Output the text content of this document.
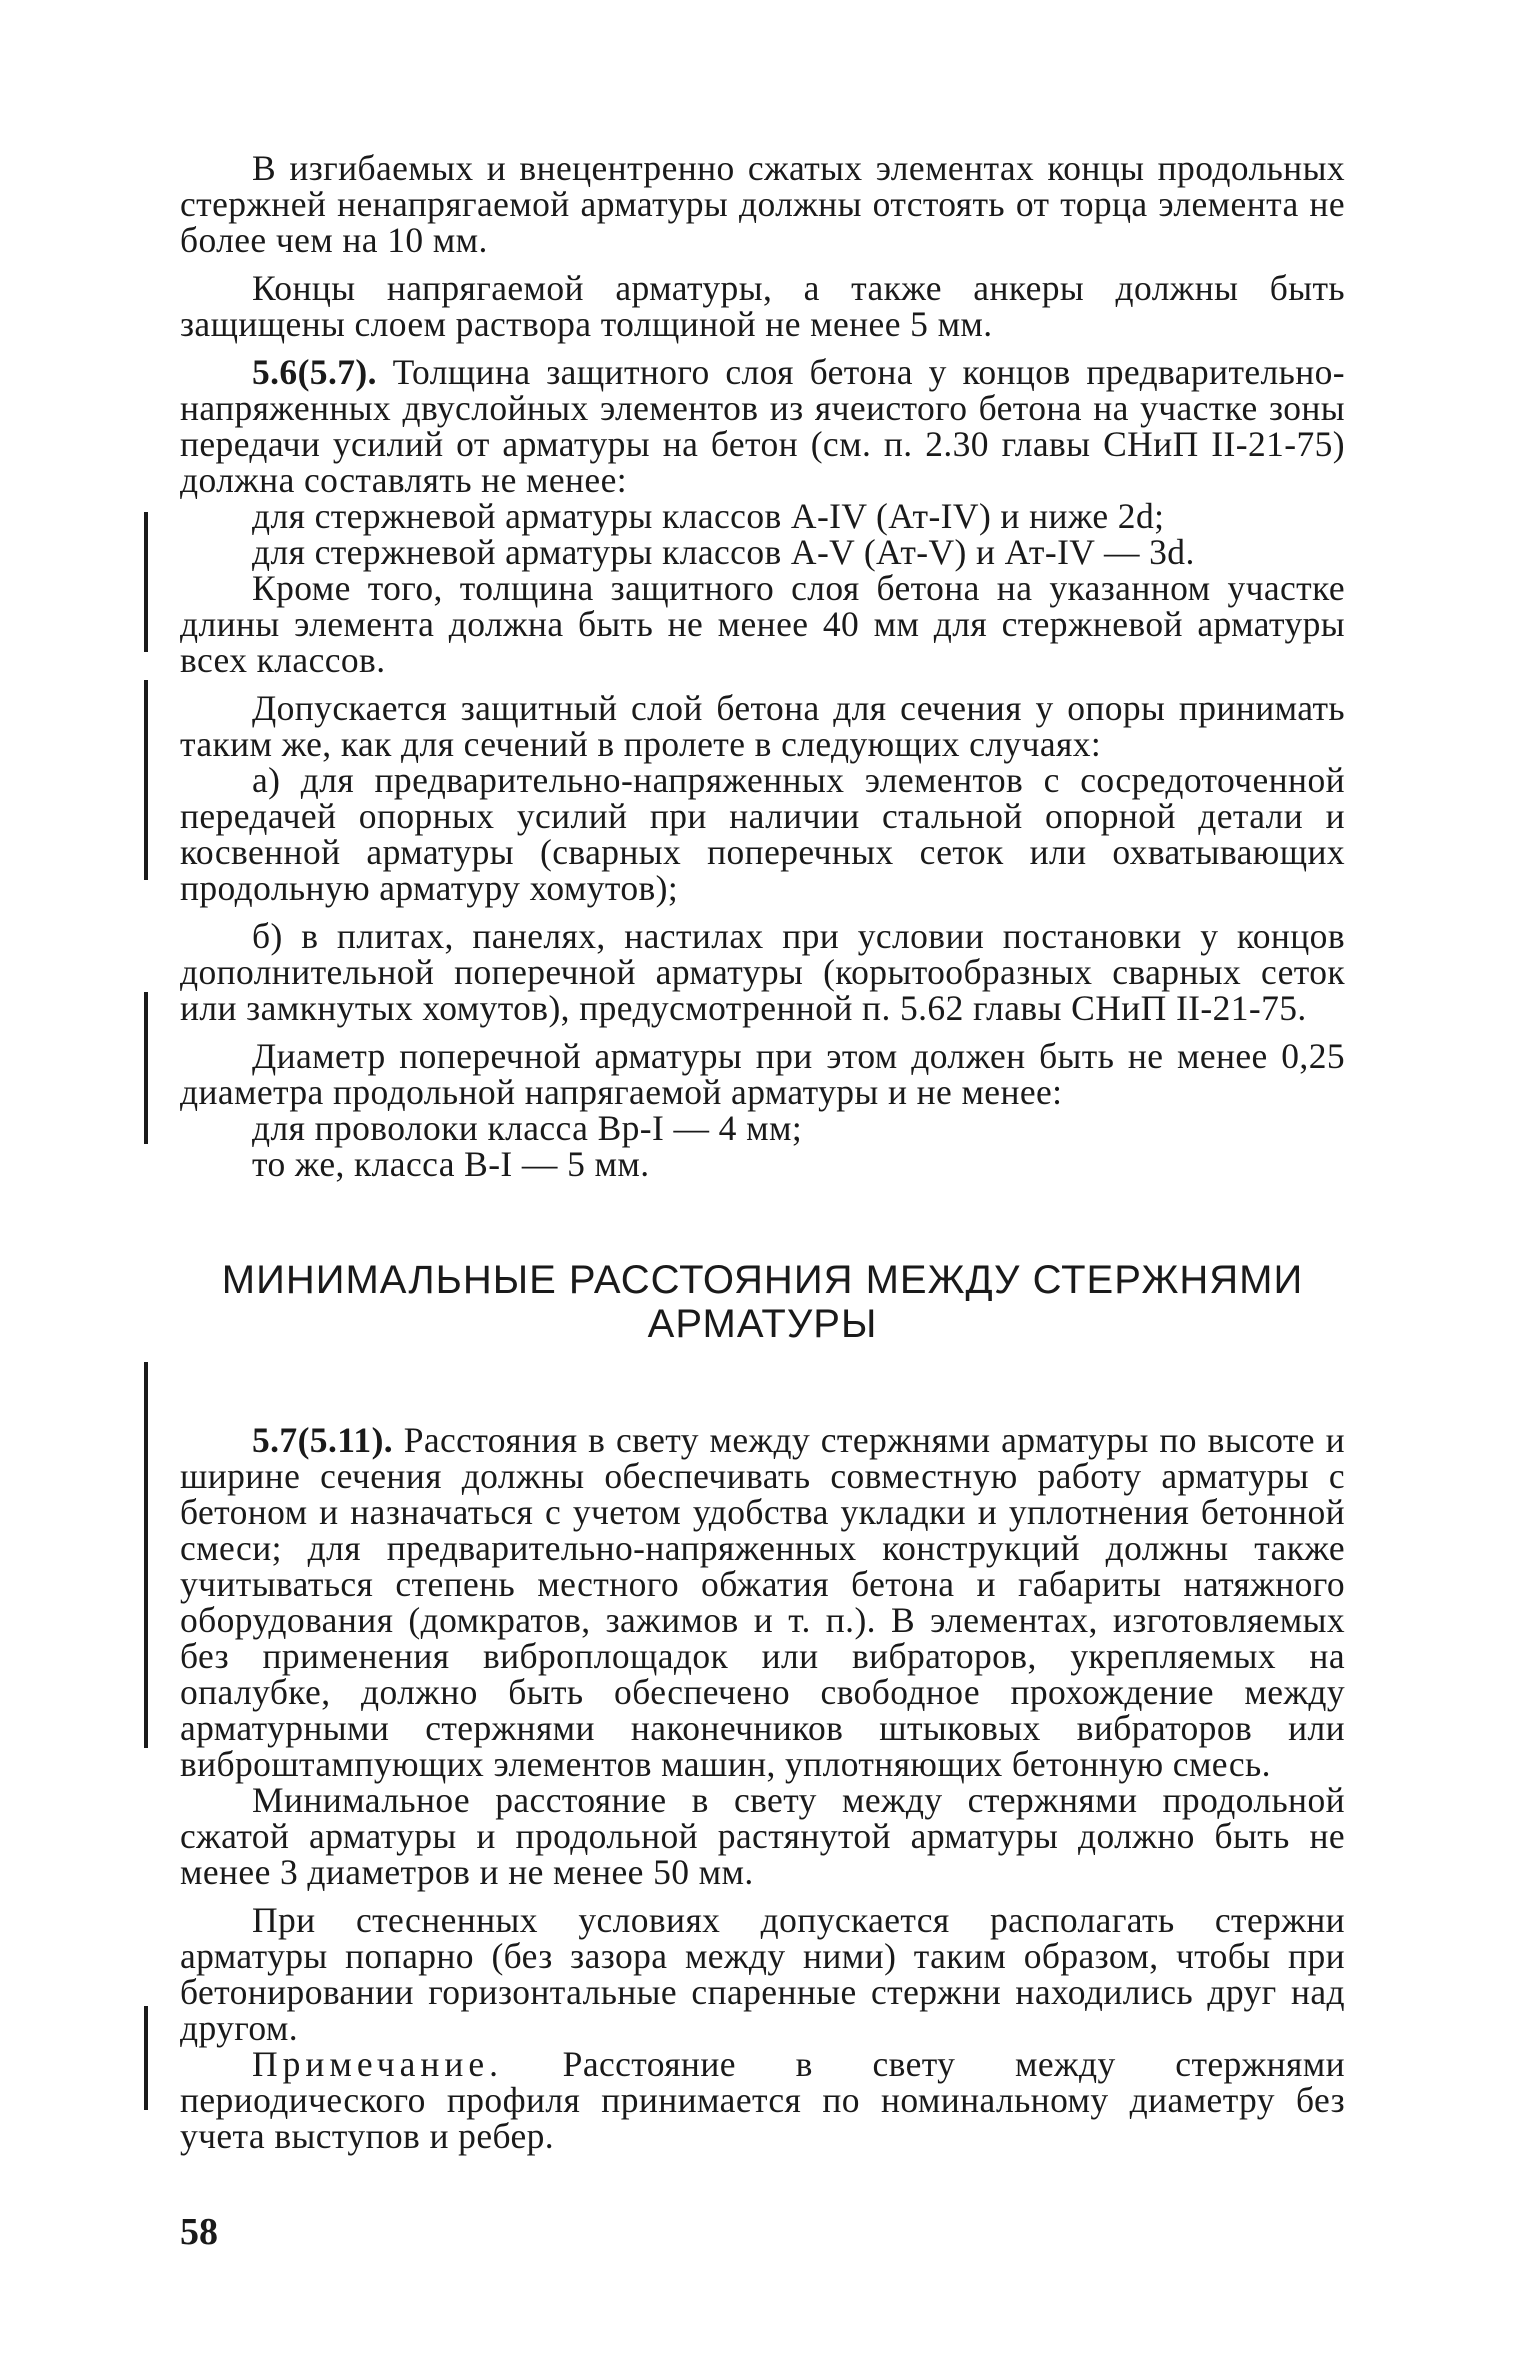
В изгибаемых и внецентренно сжатых элементах концы продольных стержней ненапрягаемой арматуры должны отстоять от торца элемента не более чем на 10 мм.

Концы напрягаемой арматуры, а также анкеры должны быть защищены слоем раствора толщиной не менее 5 мм.

5.6(5.7). Толщина защитного слоя бетона у концов предварительно-напряженных двуслойных элементов из ячеистого бетона на участке зоны передачи усилий от арматуры на бетон (см. п. 2.30 главы СНиП II-21-75) должна составлять не менее:

для стержневой арматуры классов А-IV (Ат-IV) и ниже 2d;

для стержневой арматуры классов А-V (Ат-V) и Ат-IV — 3d.

Кроме того, толщина защитного слоя бетона на указанном участке длины элемента должна быть не менее 40 мм для стержневой арматуры всех классов.

Допускается защитный слой бетона для сечения у опоры принимать таким же, как для сечений в пролете в следующих случаях:

а) для предварительно-напряженных элементов с сосредоточенной передачей опорных усилий при наличии стальной опорной детали и косвенной арматуры (сварных поперечных сеток или охватывающих продольную арматуру хомутов);

б) в плитах, панелях, настилах при условии постановки у концов дополнительной поперечной арматуры (корытообразных сварных сеток или замкнутых хомутов), предусмотренной п. 5.62 главы СНиП II-21-75.

Диаметр поперечной арматуры при этом должен быть не менее 0,25 диаметра продольной напрягаемой арматуры и не менее:

для проволоки класса Вр-I — 4 мм;

то же, класса В-I — 5 мм.

МИНИМАЛЬНЫЕ РАССТОЯНИЯ МЕЖДУ СТЕРЖНЯМИ
АРМАТУРЫ

5.7(5.11). Расстояния в свету между стержнями арматуры по высоте и ширине сечения должны обеспечивать совместную работу арматуры с бетоном и назначаться с учетом удобства укладки и уплотнения бетонной смеси; для предварительно-напряженных конструкций должны также учитываться степень местного обжатия бетона и габариты натяжного оборудования (домкратов, зажимов и т. п.). В элементах, изготовляемых без применения виброплощадок или вибраторов, укрепляемых на опалубке, должно быть обеспечено свободное прохождение между арматурными стержнями наконечников штыковых вибраторов или виброштампующих элементов машин, уплотняющих бетонную смесь.

Минимальное расстояние в свету между стержнями продольной сжатой арматуры и продольной растянутой арматуры должно быть не менее 3 диаметров и не менее 50 мм.

При стесненных условиях допускается располагать стержни арматуры попарно (без зазора между ними) таким образом, чтобы при бетонировании горизонтальные спаренные стержни находились друг над другом.

Примечание. Расстояние в свету между стержнями периодического профиля принимается по номинальному диаметру без учета выступов и ребер.

58
